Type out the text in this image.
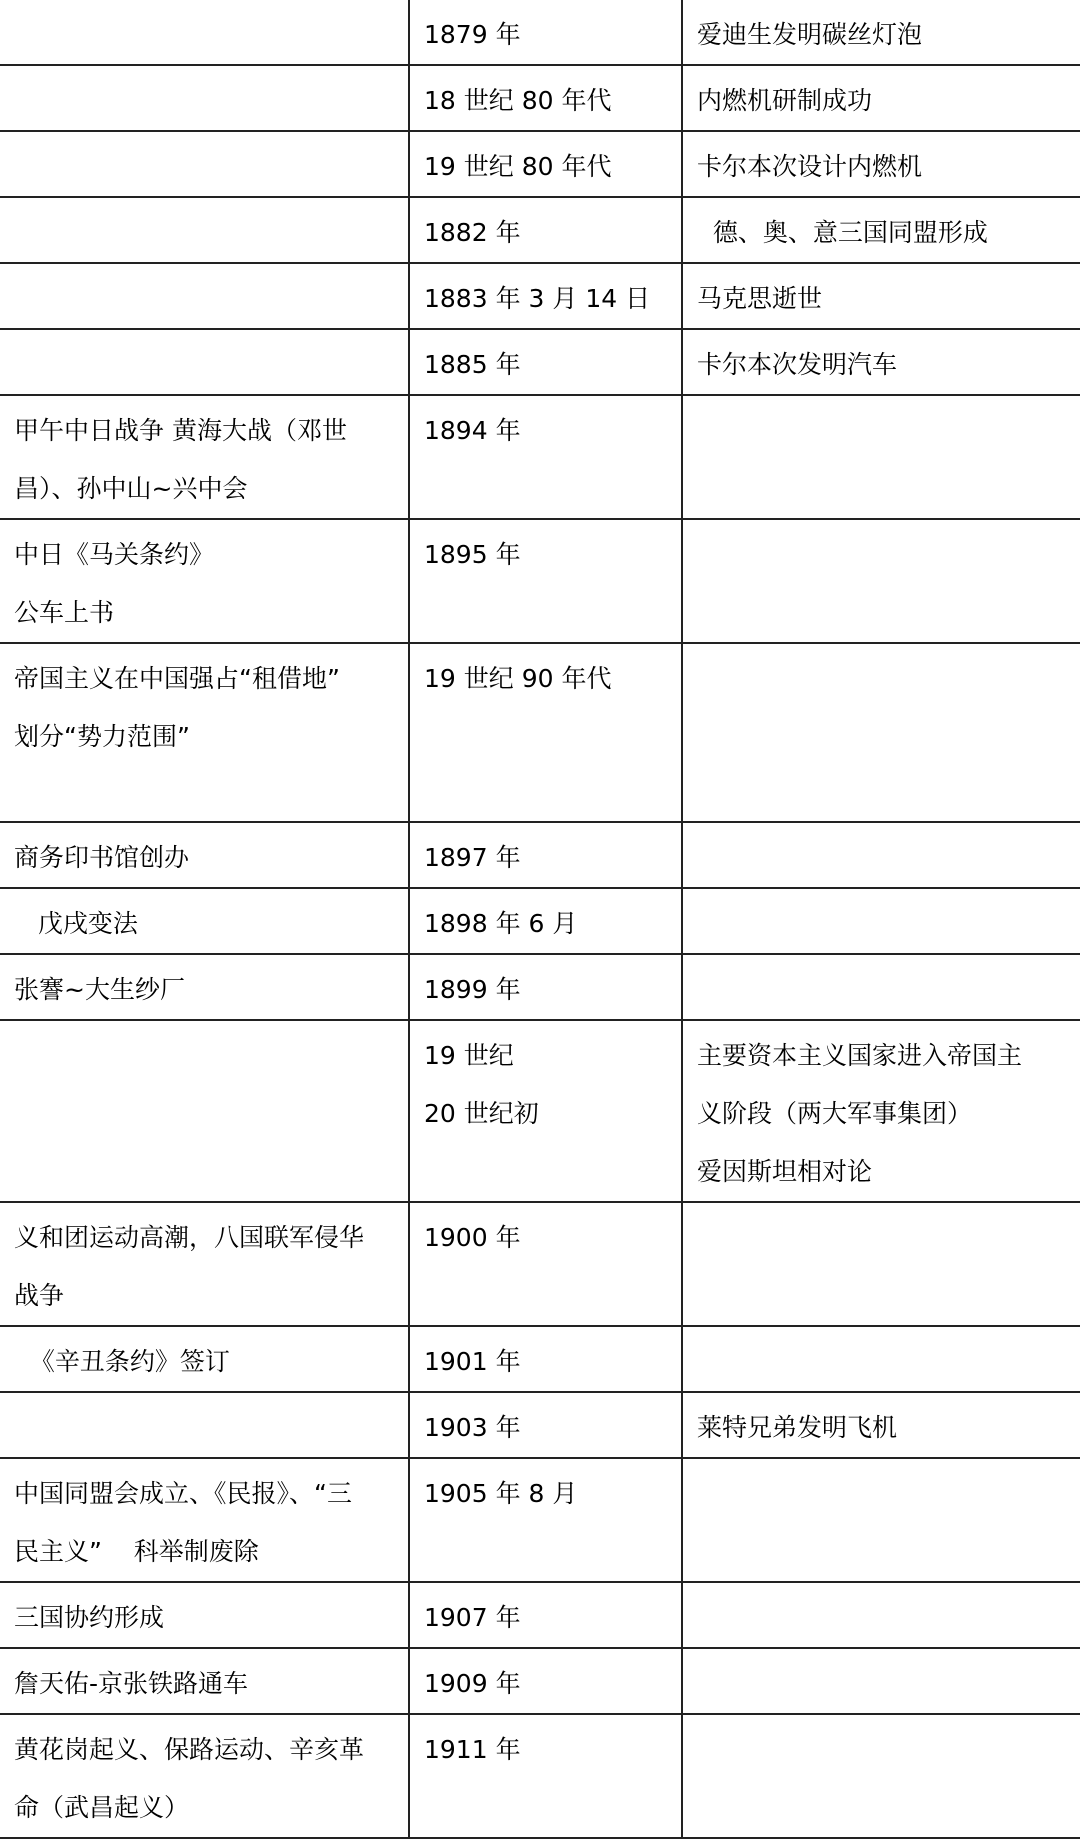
	1879 年	爱迪生发明碳丝灯泡

	18 世纪 80 年代	内燃机研制成功

	19 世纪 80 年代	卡尔本次设计内燃机

	1882 年	德、奥、意三国同盟形成

	1883 年 3 月 14 日	马克思逝世

	1885 年	卡尔本次发明汽车

甲午中日战争 黄海大战（邓世
昌）、孙中山~兴中会	1894 年	

中日《马关条约》
公车上书	1895 年	

帝国主义在中国强占“租借地”
划分“势力范围”	19 世纪 90 年代	

商务印书馆创办	1897 年	

戊戌变法	1898 年 6 月	

张謇~大生纱厂	1899 年	

	19 世纪
20 世纪初	主要资本主义国家进入帝国主
义阶段（两大军事集团）
爱因斯坦相对论

义和团运动高潮，八国联军侵华
战争	1900 年	

《辛丑条约》签订	1901 年	

	1903 年	莱特兄弟发明飞机

中国同盟会成立、《民报》、“三
民主义”    科举制废除	1905 年 8 月	

三国协约形成	1907 年	

詹天佑-京张铁路通车	1909 年	

黄花岗起义、保路运动、辛亥革
命（武昌起义）	1911 年	
